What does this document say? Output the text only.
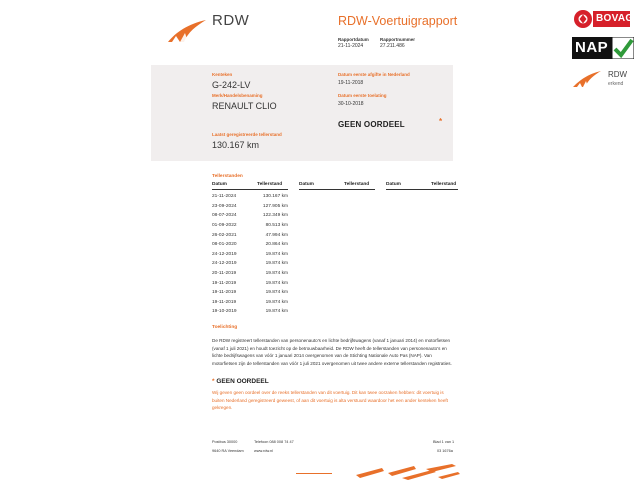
RDW	RDW-Voertuigrapport
Rapportdatum
21-11-2024
Rapportnummer
27.211.486
Kenteken
G-242-LV
Merk/Handelsbenaming
RENAULT CLIO
Laatst geregistreerde tellerstand
130.167 km
Datum eerste afgifte in Nederland
19-11-2018
Datum eerste toelating
30-10-2018
GEEN OORDEEL	*
Tellerstanden
Datum	Tellerstand	Datum	Tellerstand	Datum	Tellerstand
21-11-2024	130.167 km
23-09-2024	127.905 km
08-07-2024	122.349 km
01-09-2022	80.513 km
26-02-2021	47.994 km
08-01-2020	20.864 km
24-12-2019	19.874 km
24-12-2019	19.874 km
20-11-2019	19.874 km
19-11-2019	19.874 km
19-11-2019	19.874 km
19-11-2019	19.874 km
19-10-2019	19.874 km
Toelichting
De RDW registreert tellerstanden van personenauto's en lichte bedrijfswagens (vanaf 1 januari 2014) en motorfietsen (vanaf 1 juli 2021) en houdt toezicht op de betrouwbaarheid. De RDW heeft de tellerstanden van personenauto's en lichte bedrijfswagens van vóór 1 januari 2014 overgenomen van de Stichting Nationale Auto Pas (NAP). Van motorfietsen zijn de tellerstanden van vóór 1 juli 2021 overgenomen uit twee andere externe tellerstanden registraties.
* GEEN OORDEEL
Wij geven geen oordeel over de reeks tellerstanden van dit voertuig. Dit kan twee oorzaken hebben: dit voertuig is buiten Nederland geregistreerd geweest, of aan dit voertuig is alta verstuurd waardoor het een ander kenteken heeft gekregen.
Postbus 30000
9640 RA Veendam
Telefoon 088 008 74 47
www.rdw.nl
Blad 1 van 1
03 1676a
BOVAG
NAP
RDW
erkend
